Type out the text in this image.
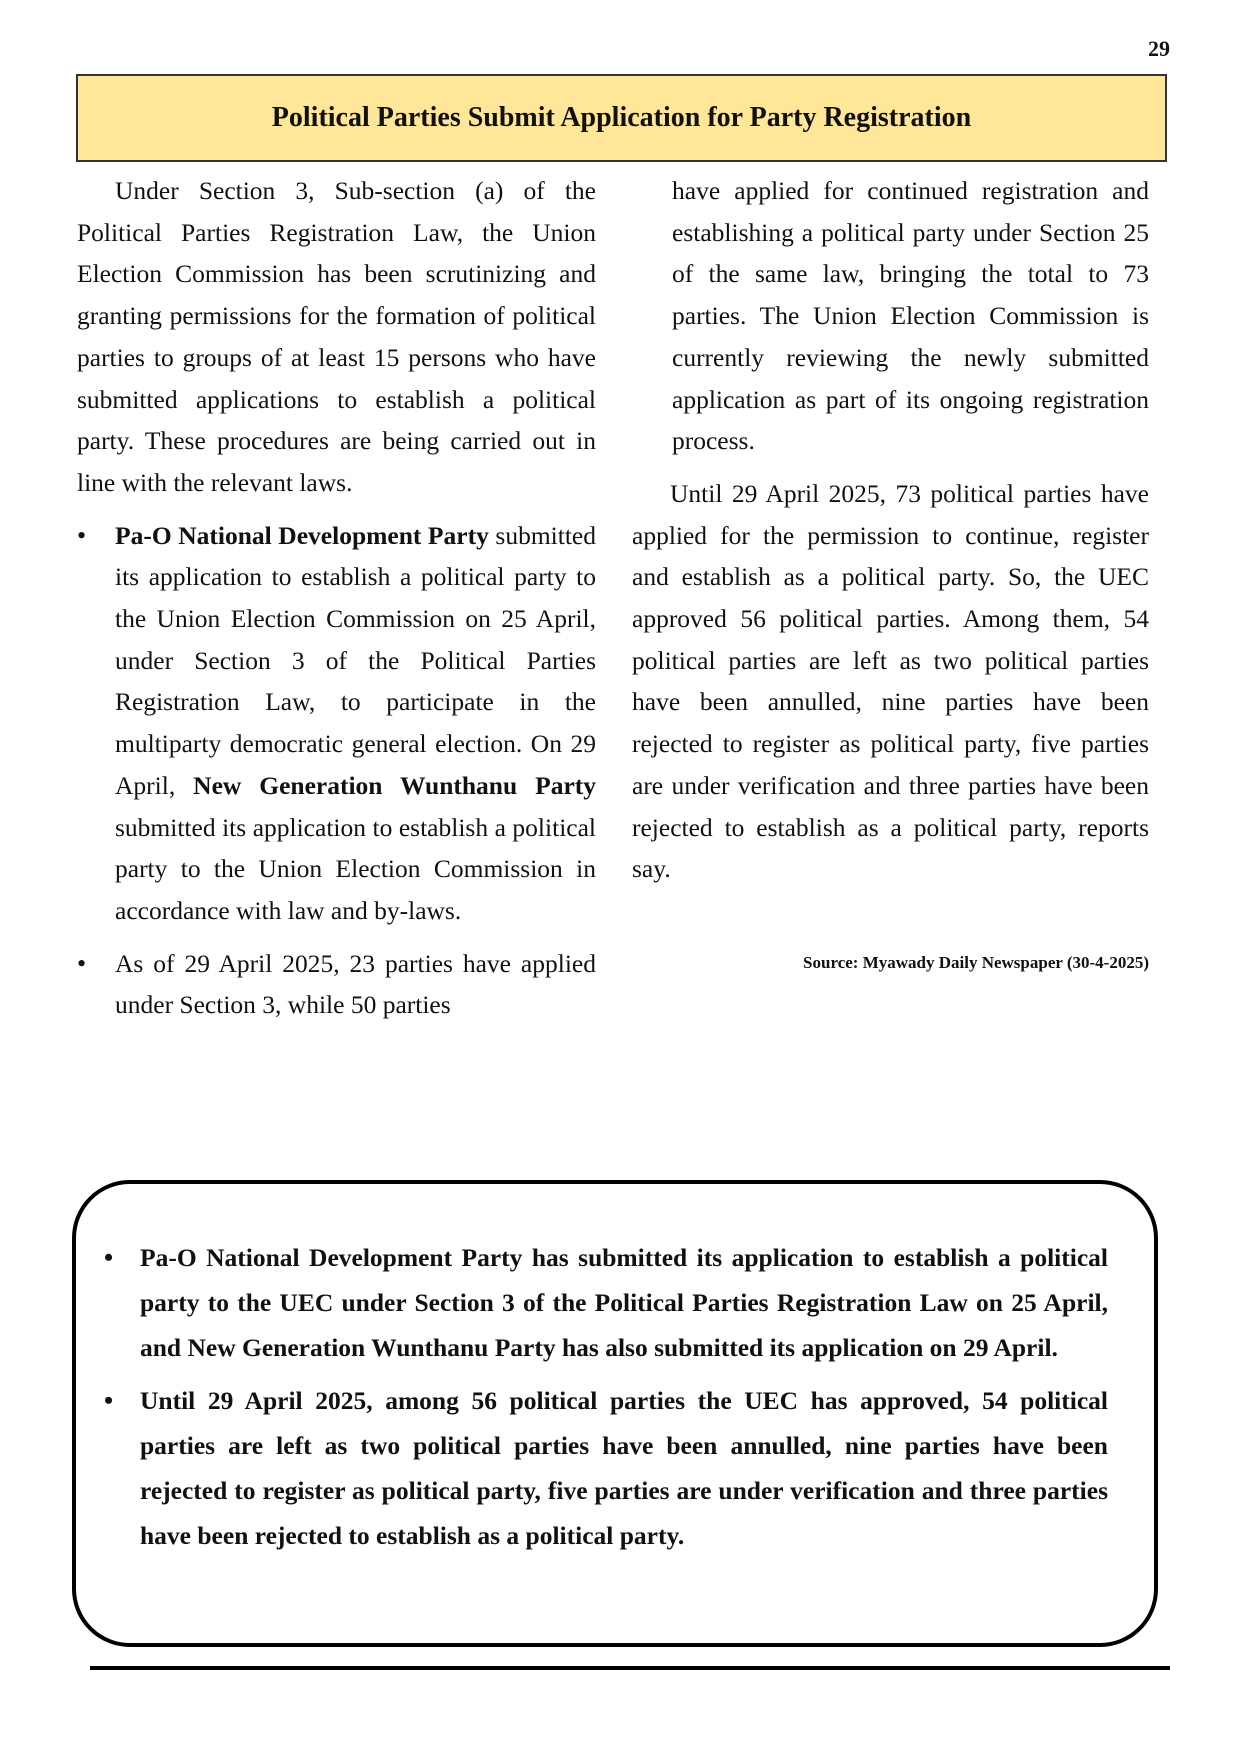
29
Political Parties Submit Application for Party Registration

Under Section 3, Sub-section (a) of the Political Parties Registration Law, the Union Election Commission has been scrutinizing and granting permissions for the formation of political parties to groups of at least 15 persons who have submitted applications to establish a political party. These procedures are being carried out in line with the relevant laws.

• Pa-O National Development Party submitted its application to establish a political party to the Union Election Commission on 25 April, under Section 3 of the Political Parties Registration Law, to participate in the multiparty democratic general election. On 29 April, New Generation Wunthanu Party submitted its application to establish a political party to the Union Election Commission in accordance with law and by-laws.
• As of 29 April 2025, 23 parties have applied under Section 3, while 50 parties

have applied for continued registration and establishing a political party under Section 25 of the same law, bringing the total to 73 parties. The Union Election Commission is currently reviewing the newly submitted application as part of its ongoing registration process.

Until 29 April 2025, 73 political parties have applied for the permission to continue, register and establish as a political party. So, the UEC approved 56 political parties. Among them, 54 political parties are left as two political parties have been annulled, nine parties have been rejected to register as political party, five parties are under verification and three parties have been rejected to establish as a political party, reports say.

Source: Myawady Daily Newspaper (30-4-2025)

• Pa-O National Development Party has submitted its application to establish a political party to the UEC under Section 3 of the Political Parties Registration Law on 25 April, and New Generation Wunthanu Party has also submitted its application on 29 April.
• Until 29 April 2025, among 56 political parties the UEC has approved, 54 political parties are left as two political parties have been annulled, nine parties have been rejected to register as political party, five parties are under verification and three parties have been rejected to establish as a political party.
